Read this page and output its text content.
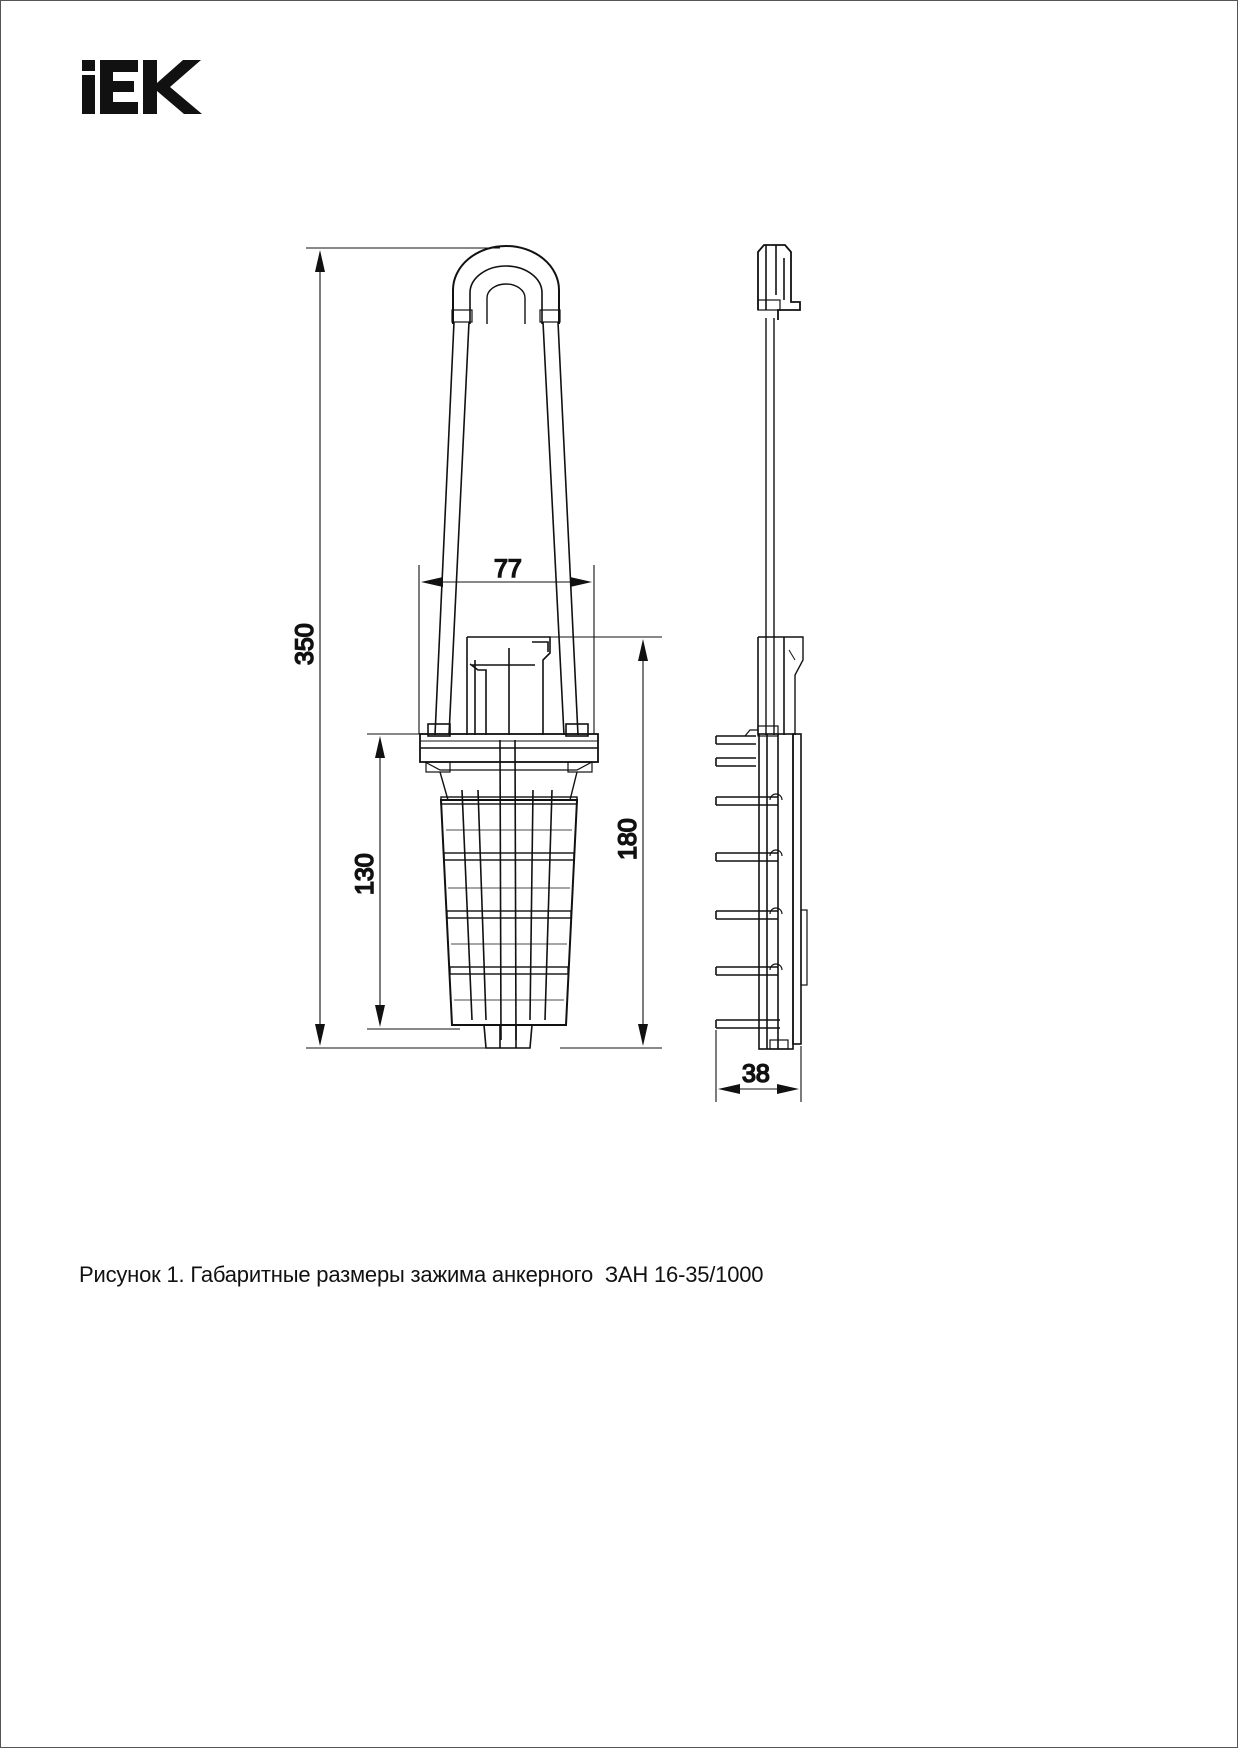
350
77
180
130
38
Рисунок 1. Габаритные размеры зажима анкерного  ЗАН 16-35/1000
